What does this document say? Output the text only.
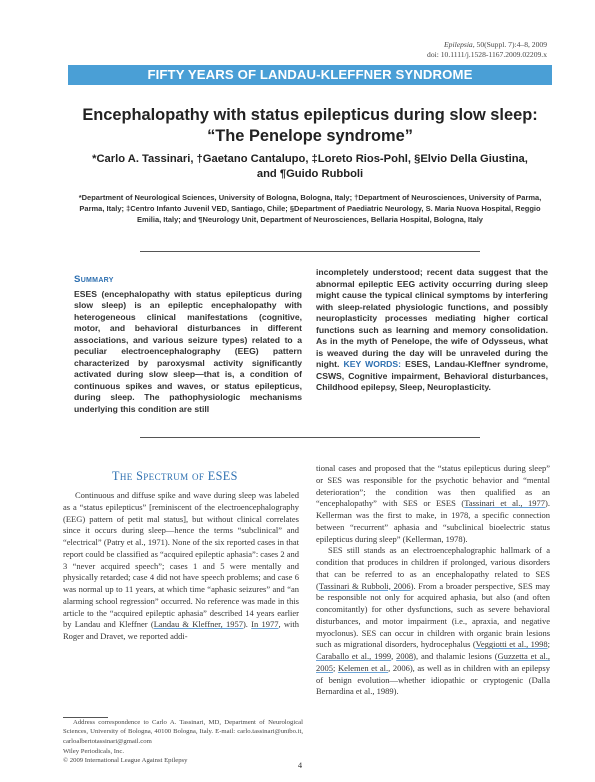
Epilepsia, 50(Suppl. 7):4–8, 2009
doi: 10.1111/j.1528-1167.2009.02209.x
FIFTY YEARS OF LANDAU-KLEFFNER SYNDROME
Encephalopathy with status epilepticus during slow sleep:
“The Penelope syndrome”
*Carlo A. Tassinari, †Gaetano Cantalupo, ‡Loreto Rios-Pohl, §Elvio Della Giustina,
and ¶Guido Rubboli
*Department of Neurological Sciences, University of Bologna, Bologna, Italy; †Department of Neurosciences, University of Parma, Parma, Italy; ‡Centro Infanto Juvenil VED, Santiago, Chile; §Department of Paediatric Neurology, S. Maria Nuova Hospital, Reggio Emilia, Italy; and ¶Neurology Unit, Department of Neurosciences, Bellaria Hospital, Bologna, Italy
Summary
ESES (encephalopathy with status epilepticus during slow sleep) is an epileptic encephalopathy with heterogeneous clinical manifestations (cognitive, motor, and behavioral disturbances in different associations, and various seizure types) related to a peculiar electroencephalography (EEG) pattern characterized by paroxysmal activity significantly activated during slow sleep—that is, a condition of continuous spikes and waves, or status epilepticus, during sleep. The pathophysiologic mechanisms underlying this condition are still
incompletely understood; recent data suggest that the abnormal epileptic EEG activity occurring during sleep might cause the typical clinical symptoms by interfering with sleep-related physiologic functions, and possibly neuroplasticity processes mediating higher cortical functions such as learning and memory consolidation. As in the myth of Penelope, the wife of Odysseus, what is weaved during the day will be unraveled during the night. KEY WORDS: ESES, Landau-Kleffner syndrome, CSWS, Cognitive impairment, Behavioral disturbances, Childhood epilepsy, Sleep, Neuroplasticity.
The Spectrum of ESES

Continuous and diffuse spike and wave during sleep was labeled as a “status epilepticus” [reminiscent of the electroencephalography (EEG) pattern of petit mal status], but without clinical correlates since it occurs during sleep—hence the terms “subclinical” and “electrical” (Patry et al., 1971). None of the six reported cases in that report could be classified as “acquired epileptic aphasia”: cases 2 and 3 “never acquired speech”; cases 1 and 5 were mentally and physically retarded; case 4 did not have speech problems; and case 6 was normal up to 11 years, at which time “aphasic seizures” and “an alarming school regression” occurred. No reference was made in this article to the “acquired epileptic aphasia” described 14 years earlier by Landau and Kleffner (Landau & Kleffner, 1957). In 1977, with Roger and Dravet, we reported addi-

tional cases and proposed that the “status epilepticus during sleep” or SES was responsible for the psychotic behavior and “mental deterioration”; the condition was then qualified as an “encephalopathy” with SES or ESES (Tassinari et al., 1977). Kellerman was the first to make, in 1978, a specific connection between “recurrent” aphasia and “subclinical bioelectric status epilepticus during sleep” (Kellerman, 1978).

SES still stands as an electroencephalographic hallmark of a condition that produces in children if prolonged, various disorders that can be referred to as an encephalopathy related to SES (Tassinari & Rubboli, 2006). From a broader perspective, SES may be responsible not only for acquired aphasia, but also (and often concomitantly) for other dysfunctions, such as severe behavioral disturbances, and motor impairment (i.e., apraxia, and negative myoclonus). SES can occur in children with organic brain lesions such as migrational disorders, hydrocephalus (Veggiotti et al., 1998; Caraballo et al., 1999, 2008), and thalamic lesions (Guzzetta et al., 2005; Kelemen et al., 2006), as well as in children with an epilepsy of benign evolution—whether idiopathic or cryptogenic (Dalla Bernardina et al., 1989).

Address correspondence to Carlo A. Tassinari, MD, Department of Neurological Sciences, University of Bologna, 40100 Bologna, Italy. E-mail: carlo.tassinari@unibo.it, carloalbertotassinari@gmail.com
Wiley Periodicals, Inc.
© 2009 International League Against Epilepsy	4
